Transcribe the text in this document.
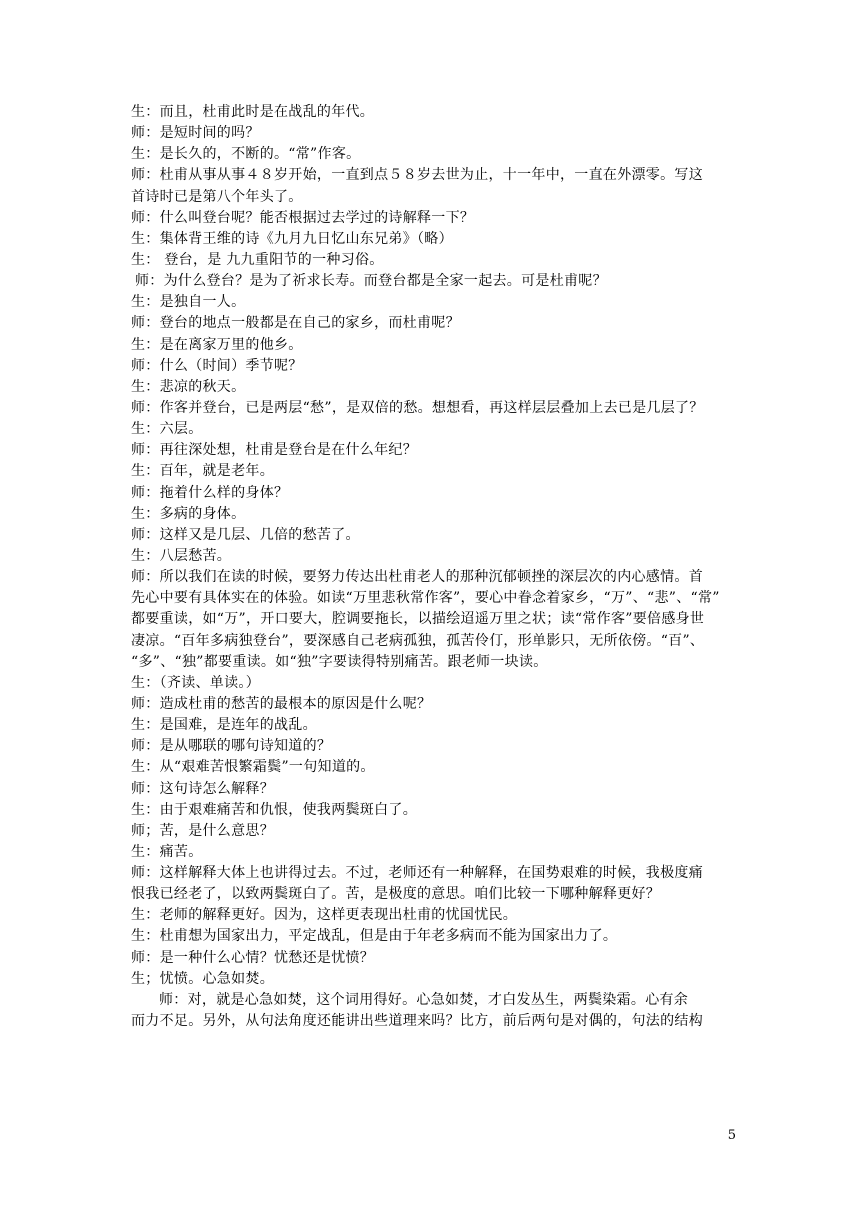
生：而且，杜甫此时是在战乱的年代。
师：是短时间的吗？
生：是长久的，不断的。“常”作客。
师：杜甫从事从事４８岁开始，一直到点５８岁去世为止，十一年中，一直在外漂零。写这
首诗时已是第八个年头了。
师：什么叫登台呢？能否根据过去学过的诗解释一下？
生：集体背王维的诗《九月九日忆山东兄弟》（略）
生： 登台，是 九九重阳节的一种习俗。
师：为什么登台？是为了祈求长寿。而登台都是全家一起去。可是杜甫呢？
生：是独自一人。
师：登台的地点一般都是在自己的家乡，而杜甫呢？
生：是在离家万里的他乡。
师：什么（时间）季节呢？
生：悲凉的秋天。
师：作客并登台，已是两层“愁”，是双倍的愁。想想看，再这样层层叠加上去已是几层了？
生：六层。
师：再往深处想，杜甫是登台是在什么年纪？
生：百年，就是老年。
师：拖着什么样的身体？
生：多病的身体。
师：这样又是几层、几倍的愁苦了。
生：八层愁苦。
师：所以我们在读的时候，要努力传达出杜甫老人的那种沉郁顿挫的深层次的内心感情。首
先心中要有具体实在的体验。如读“万里悲秋常作客”，要心中眷念着家乡，“万”、“悲”、“常”
都要重读，如“万”，开口要大，腔调要拖长，以描绘迢遥万里之状；读“常作客”要倍感身世
凄凉。“百年多病独登台”，要深感自己老病孤独，孤苦伶仃，形单影只，无所依傍。“百”、
“多”、“独”都要重读。如“独”字要读得特别痛苦。跟老师一块读。
生：（齐读、单读。）
师：造成杜甫的愁苦的最根本的原因是什么呢？
生：是国难，是连年的战乱。
师：是从哪联的哪句诗知道的？
生：从“艰难苦恨繁霜鬓”一句知道的。
师：这句诗怎么解释？
生：由于艰难痛苦和仇恨，使我两鬓斑白了。
师；苦，是什么意思？
生：痛苦。
师：这样解释大体上也讲得过去。不过，老师还有一种解释，在国势艰难的时候，我极度痛
恨我已经老了，以致两鬓斑白了。苦，是极度的意思。咱们比较一下哪种解释更好？
生：老师的解释更好。因为，这样更表现出杜甫的忧国忧民。
生：杜甫想为国家出力，平定战乱，但是由于年老多病而不能为国家出力了。
师：是一种什么心情？忧愁还是忧愤？
生；忧愤。心急如焚。
师：对，就是心急如焚，这个词用得好。心急如焚，才白发丛生，两鬓染霜。心有余
而力不足。另外，从句法角度还能讲出些道理来吗？比方，前后两句是对偶的，句法的结构
5
